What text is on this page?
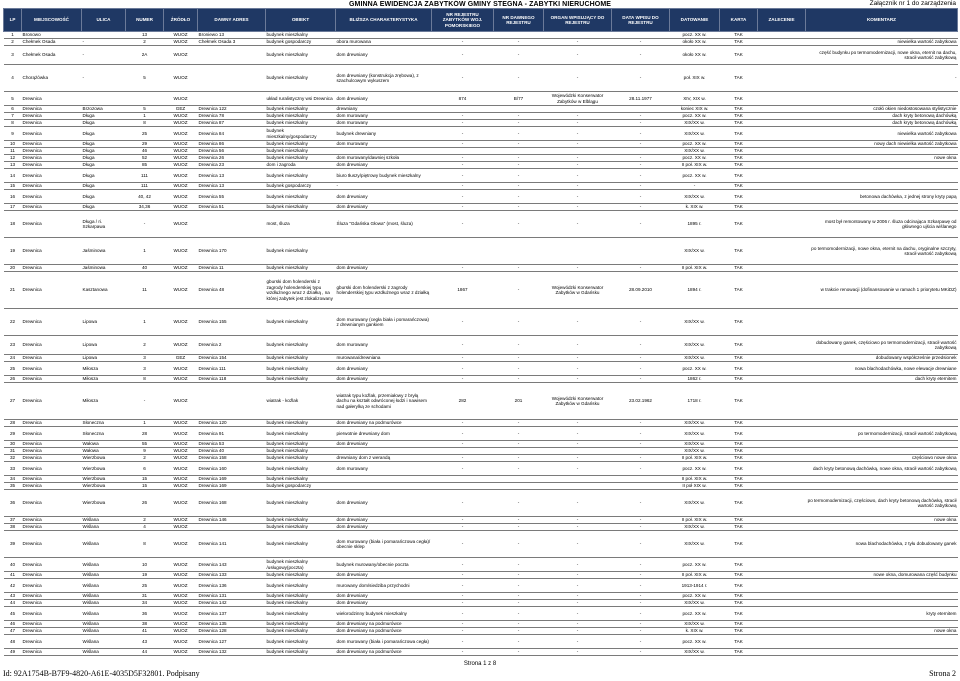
Załącznik nr 1 do zarządzenia
GMINNA EWIDENCJA ZABYTKÓW GMINY STEGNA - ZABYTKI NIERUCHOME
LP	MIEJSCOWOŚĆ	ULICA	NUMER	ŹRÓDŁO	DAWNY ADRES	OBIEKT	BLIŻSZA CHARAKTERYSTYKA	NR REJESTRU ZABYTKÓW WOJ. POMORSKIEGO	NR DAWNEGO REJESTRU	ORGAN WPISUJĄCY DO REJESTRU	DATA WPISU DO REJESTRU	DATOWANIE	KARTA	ZALECENIE	KOMENTARZ
1	Bronowo		13	WUOZ	Broniewo 13	budynek mieszkalny						pocz. XX w.	TAK		
2	Chełmek Osada	-	2	WUOZ	Chełmek Osada 3	budynek gospodarczy	obora murowana	-	-	-	-	około XX w.	TAK		niewielka wartość zabytkowa
3	Chełmek Osada	-	2A	WUOZ		budynek mieszkalny	dom drewniany	-	-	-	-	około XX w.	TAK		część budynku po termomodernizacji, nowe okna, eternit na dachu, stracił wartość zabytkową
4	Chorążówka	-	5	WUOZ		budynek mieszkalny	dom drewniany (konstrukcja zrębowa), z szachulcowym wykuszem	-	-	-	-	poł. XIX w.	TAK		-
5	Drewnica			WUOZ		układ ruralistyczny wsi Drewnica	dom drewniany	874	B/77	Wojewódzki Konserwator Zabytków w Elblągu	28.11.1977	XIV, XIX w.	TAK		
6	Drewnica	Brzozowa	5	GEZ	Drewnica 122	budynek mieszkalny	drewniany					koniec XIX w.	TAK		czołó okien niedostosowana stylistycznie
7	Drewnica	Długa	1	WUOZ	Drewnica 78	budynek mieszkalny	dom murowany	-	-	-	-	pocz. XX w.	TAK		dach kryty betonową dachówką
8	Drewnica	Długa	8	WUOZ	Drewnica 87	budynek mieszkalny	dom murowany	-	-	-	-	XIX/XX w.	TAK		dach kryty betonową dachówką
9	Drewnica	Długa	25	WUOZ	Drewnica 84	budynek mieszkalny/gospodarczy	budynek drewniany	-	-	-	-	XIX/XX w.	TAK		niewielka wartość zabytkowa
10	Drewnica	Długa	29	WUOZ	Drewnica 86	budynek mieszkalny	dom murowany	-	-	-	-	pocz. XX w.	TAK		nowy dach niewielka wartość zabytkowa
11	Drewnica	Długa	46	WUOZ	Drewnica 56	budynek mieszkalny						XIX/XX w.	TAK		
12	Drewnica	Długa	52	WUOZ	Drewnica 26	budynek mieszkalny	dom murowany/dawniej szkoła	-	-	-	-	pocz. XX w.	TAK		nowe okna
13	Drewnica	Długa	85	WUOZ	Drewnica 23	dom i zagroda	dom drewniany	-	-	-	-	II poł. XIX w.	TAK		
14	Drewnica	Długa	111	WUOZ	Drewnica 13	budynek mieszkalny	biuro tłuszy/piętrowy budynek mieszkalny	-	-	-	-	pocz. XX w.	TAK		
15	Drewnica	Długa	111	WUOZ	Drewnica 13	budynek gospodarczy	-	-	-	-	-	-	TAK		
16	Drewnica	Długa	40, 42	WUOZ	Drewnica 55	budynek mieszkalny	dom drewniany	-	-	-	-	XIX/XX w.	TAK		betonowa dachówka, z jednej strony kryty papą
17	Drewnica	Długa	34,36	WUOZ	Drewnica 51	budynek mieszkalny	dom drewniany	-	-	-	-	k. XIX w.	TAK		
18	Drewnica	Długa / ri. Szkarpawa	-	WUOZ		most, śluza	Śluza "Gdańska Głowa" (most, śluza)	-	-	-	-	1895 r.	TAK		most był remontowany w 2006 r. śluza odcinająca Szkarpawę od głównego ujścia wiślanego
19	Drewnica	Jaśminowa	1	WUOZ	Drewnica 170	budynek mieszkalny						XIX/XX w.	TAK		po termomodernizacji, nowe okna, eternit na dachu, oryginalne szczyty, stracił wartość zabytkową
20	Drewnica	Jaśminowa	40	WUOZ	Drewnica 11	budynek mieszkalny	dom drewniany	-	-	-	-	II poł. XIX w.	TAK		
21	Drewnica	Kasztanowa	11	WUOZ	Drewnica 48	gburski dom holenderski z zagrody holenderskiej typu wzdłużnego wraz z działką , na której zabytek jest zlokalizowany	gburski dom holenderski z zagrody holenderskiej typu wzdłużnego wraz z działką	1867	-	Wojewódzki Konserwator Zabytków w Gdańsku	28.09.2010	1894 r.	TAK		w trakcie renowacji (dofinansowanie w ramach 1 priorytetu MKiDZ)
22	Drewnica	Lipowa	1	WUOZ	Drewnica 155	budynek mieszkalny	dom murowany (cegła biała i pomarańczowa) z drewnianym gankiem	-	-	-	-	XIX/XX w.	TAK		
23	Drewnica	Lipowa	2	WUOZ	Drewnica 2	budynek mieszkalny	dom murowany	-	-	-	-	XIX/XX w.	TAK		dobudowany ganek, częściowo po termomodernizacji, stracił wartość zabytkową
24	Drewnica	Lipowa	3	GEZ	Drewnica 154	budynek mieszkalny	murowana/drewniana	-	-	-	-	XIX/XX w.	TAK		dobudowany współcześnie przedsionek
25	Drewnica	Miłosza	3	WUOZ	Drewnica 111	budynek mieszkalny	dom drewniany	-	-	-	-	pocz. XX w.	TAK		nowa blachodachówka, nowe elewacje drewniane
26	Drewnica	Miłosza	8	WUOZ	Drewnica 118	budynek mieszkalny	dom drewniany	-	-	-	-	1862 r.	TAK		dach kryty eternitem
27	Drewnica	Miłosza	-	WUOZ		wiatrak - koźlak	wiatrak typu koźlak, przemiałowy z bryłą dachu na kształt odwróconej łodzi i nawisem nad gałerylką ze schodami	282	201	Wojewódzki Konserwator Zabytków w Gdańsku	23.02.1962	1718 r.	TAK		
28	Drewnica	Słoneczna	1	WUOZ	Drewnica 120	budynek mieszkalny	dom drewniany na podmurówce	-	-	-	-	XIX/XX w.	TAK		
29	Drewnica	Słoneczna	28	WUOZ	Drewnica 91	budynek mieszkalny	pierwotnie drewniany dom	-	-	-	-	XIX/XX w.	TAK		po termomodernizacji, stracił wartość zabytkową
30	Drewnica	Wałowa	55	WUOZ	Drewnica 53	budynek mieszkalny	dom drewniany	-	-	-	-	XIX/XX w.	TAK		
31	Drewnica	Wałowa	9	WUOZ	Drewnica 40	budynek mieszkalny						XIX/XX w.	TAK		
32	Drewnica	Wierzbowa	2	WUOZ	Drewnica 158	budynek mieszkalny	drewniany dom z werandą	-	-	-	-	II poł. XIX w.	TAK		częściowo nowe okna
33	Drewnica	Wierzbowa	6	WUOZ	Drewnica 160	budynek mieszkalny	dom murowany	-	-	-	-	pocz. XX w.	TAK		dach kryty betonową dachówką, nowe okna, stracił wartość zabytkową
34	Drewnica	Wierzbowa	15	WUOZ	Drewnica 169	budynek mieszkalny						II poł. XIX w.	TAK		
35	Drewnica	Wierzbowa	15	WUOZ	Drewnica 169	budynek gospodarczy						II poł XIX w.	TAK		
36	Drewnica	Wierzbowa	26	WUOZ	Drewnica 168	budynek mieszkalny	dom drewniany	-	-	-	-	XIX/XX w.	TAK		po termomodernizacji, częściowo, dach kryty betonową dachówką, stracił wartość zabytkową
37	Drewnica	Wiślana	2	WUOZ	Drewnica 146	budynek mieszkalny	dom drewniany	-	-	-	-	II poł. XIX w.	TAK		nowe okna
38	Drewnica	Wiślana	4	WUOZ		budynek mieszkalny	dom drewniany	-	-	-	-	XIX/XX w.	TAK		
39	Drewnica	Wiślana	8	WUOZ	Drewnica 141	budynek mieszkalny	dom murowany (biała i pomarańczowa cegła)/ obecnie sklep	-	-	-	-	XIX/XX w.	TAK		nowa blachodachówka, z tyłu dobudowany ganek
40	Drewnica	Wiślana	10	WUOZ	Drewnica 143	budynek mieszkalny /usługowy(poczta)	budynek murowany/obecnie poczta	-	-	-	-	pocz. XX w.	TAK		
41	Drewnica	Wiślana	19	WUOZ	Drewnica 133	budynek mieszkalny	dom drewniany	-	-	-	-	II poł. XIX w.	TAK		nowe okna, domurowana część budynku
42	Drewnica	Wiślana	25	WUOZ	Drewnica 136	budynek mieszkalny	murowany dom/siedziba przychodni	-	-	-	-	1913-1914 r.	TAK		
43	Drewnica	Wiślana	31	WUOZ	Drewnica 131	budynek mieszkalny	dom drewniany	-	-	-	-	pocz. XX w.	TAK		
44	Drewnica	Wiślana	34	WUOZ	Drewnica 142	budynek mieszkalny	dom drewniany	-	-	-	-	XIX/XX w.	TAK		
45	Drewnica	Wiślana	36	WUOZ	Drewnica 137	budynek mieszkalny	wielorodzinny budynek mieszkalny	-	-	-	-	pocz. XX w.	TAK		kryty eternitem
46	Drewnica	Wiślana	38	WUOZ	Drewnica 135	budynek mieszkalny	dom drewniany na podmurówce	-	-	-	-	XIX/XX w.	TAK		
47	Drewnica	Wiślana	41	WUOZ	Drewnica 128	budynek mieszkalny	dom drewniany na podmurówce	-	-	-	-	k. XIX w.	TAK		nowe okna
48	Drewnica	Wiślana	43	WUOZ	Drewnica 127	budynek mieszkalny	dom murowany (biała i pomarańczowa cegła)	-	-	-	-	pocz. XX w.	TAK		
49	Drewnica	Wiślana	44	WUOZ	Drewnica 132	budynek mieszkalny	dom drewniany na podmurówce	-	-	-	-	XIX/XX w.	TAK		
Id: 92A1754B-B7F9-4820-A61E-4035D5F32801. Podpisany
Strona 1 z 8
Strona 2
